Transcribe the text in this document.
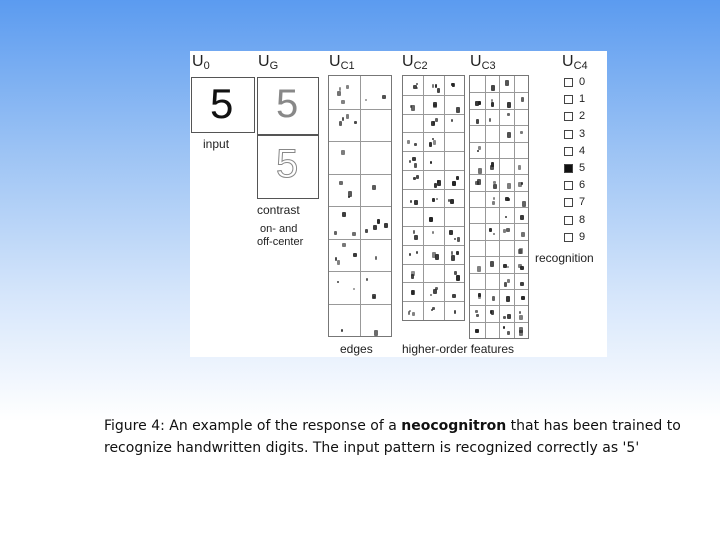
$U_0$	$U_G$	$U_{C1}$	$U_{C2}$	$U_{C3}$	$U_{C4}$
5
input
5
5
contrast
on- and
off-center
edges higher-order features
0
1
2
3
4
5
6
7
8
9
recognition
Figure 4: An example of the response of a neocognitron that has been trained to recognize handwritten digits. The input pattern is recognized correctly as '5'
